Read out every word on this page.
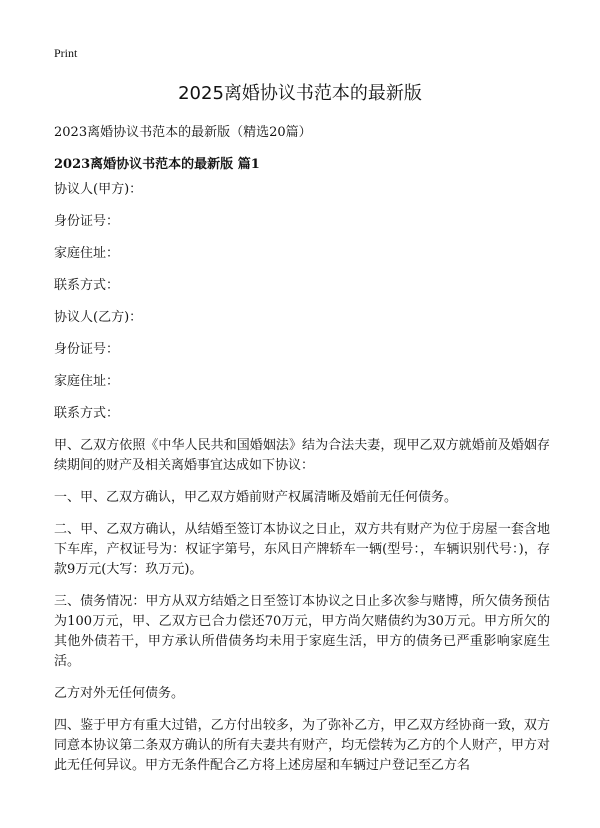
Print
2025离婚协议书范本的最新版

2023离婚协议书范本的最新版（精选20篇）

2023离婚协议书范本的最新版 篇1

协议人(甲方)：

身份证号：

家庭住址：

联系方式：

协议人(乙方)：

身份证号：

家庭住址：

联系方式：

甲、乙双方依照《中华人民共和国婚姻法》结为合法夫妻，现甲乙双方就婚前及婚姻存续期间的财产及相关离婚事宜达成如下协议：

一、甲、乙双方确认，甲乙双方婚前财产权属清晰及婚前无任何债务。

二、甲、乙双方确认，从结婚至签订本协议之日止，双方共有财产为位于房屋一套含地下车库，产权证号为：权证字第号，东风日产牌轿车一辆(型号：，车辆识别代号：)，存款9万元(大写：玖万元)。

三、债务情况：甲方从双方结婚之日至签订本协议之日止多次参与赌博，所欠债务预估为100万元，甲、乙双方已合力偿还70万元，甲方尚欠赌债约为30万元。甲方所欠的其他外债若干，甲方承认所借债务均未用于家庭生活，甲方的债务已严重影响家庭生活。

乙方对外无任何债务。

四、鉴于甲方有重大过错，乙方付出较多，为了弥补乙方，甲乙双方经协商一致，双方同意本协议第二条双方确认的所有夫妻共有财产，均无偿转为乙方的个人财产，甲方对此无任何异议。甲方无条件配合乙方将上述房屋和车辆过户登记至乙方名
